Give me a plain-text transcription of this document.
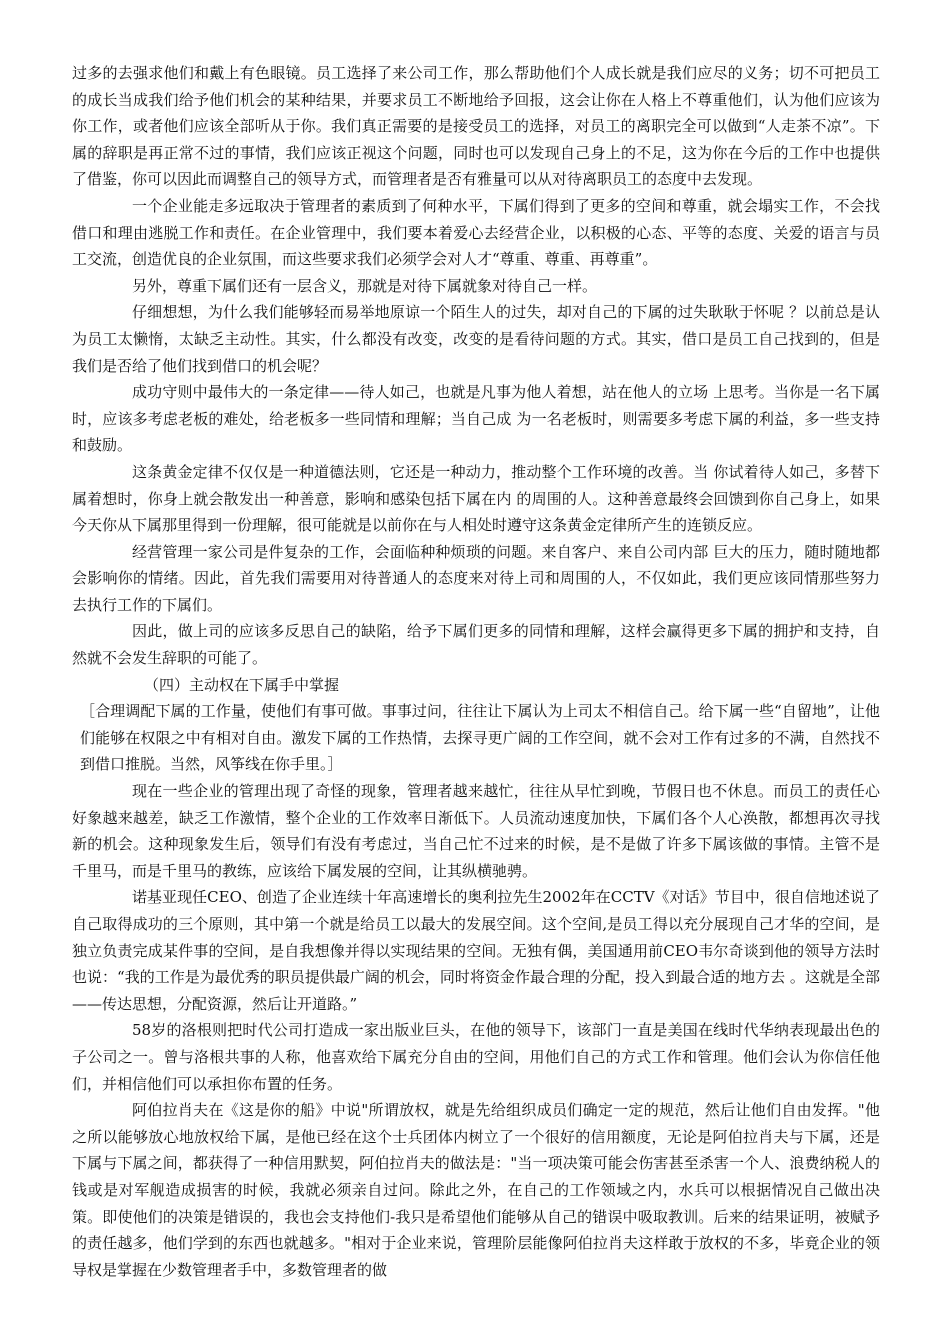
过多的去强求他们和戴上有色眼镜。员工选择了来公司工作，那么帮助他们个人成长就是我们应尽的义务；切不可把员工的成长当成我们给予他们机会的某种结果，并要求员工不断地给予回报，这会让你在人格上不尊重他们，认为他们应该为你工作，或者他们应该全部听从于你。我们真正需要的是接受员工的选择，对员工的离职完全可以做到“人走茶不凉”。下属的辞职是再正常不过的事情，我们应该正视这个问题，同时也可以发现自己身上的不足，这为你在今后的工作中也提供了借鉴，你可以因此而调整自己的领导方式，而管理者是否有雅量可以从对待离职员工的态度中去发现。

一个企业能走多远取决于管理者的素质到了何种水平，下属们得到了更多的空间和尊重，就会塌实工作，不会找借口和理由逃脱工作和责任。在企业管理中，我们要本着爱心去经营企业，以积极的心态、平等的态度、关爱的语言与员工交流，创造优良的企业氛围，而这些要求我们必须学会对人才“尊重、尊重、再尊重”。

另外，尊重下属们还有一层含义，那就是对待下属就象对待自己一样。

仔细想想，为什么我们能够轻而易举地原谅一个陌生人的过失，却对自己的下属的过失耿耿于怀呢 ？以前总是认为员工太懒惰，太缺乏主动性。其实，什么都没有改变，改变的是看待问题的方式。其实，借口是员工自己找到的，但是我们是否给了他们找到借口的机会呢？

成功守则中最伟大的一条定律——待人如己，也就是凡事为他人着想，站在他人的立场 上思考。当你是一名下属时，应该多考虑老板的难处，给老板多一些同情和理解；当自己成 为一名老板时，则需要多考虑下属的利益，多一些支持和鼓励。

这条黄金定律不仅仅是一种道德法则，它还是一种动力，推动整个工作环境的改善。当 你试着待人如己，多替下属着想时，你身上就会散发出一种善意，影响和感染包括下属在内 的周围的人。这种善意最终会回馈到你自己身上，如果今天你从下属那里得到一份理解，很可能就是以前你在与人相处时遵守这条黄金定律所产生的连锁反应。

经营管理一家公司是件复杂的工作，会面临种种烦琐的问题。来自客户、来自公司内部 巨大的压力，随时随地都会影响你的情绪。因此，首先我们需要用对待普通人的态度来对待上司和周围的人，不仅如此，我们更应该同情那些努力去执行工作的下属们。

因此，做上司的应该多反思自己的缺陷，给予下属们更多的同情和理解，这样会赢得更多下属的拥护和支持，自然就不会发生辞职的可能了。

（四）主动权在下属手中掌握

［合理调配下属的工作量，使他们有事可做。事事过问，往往让下属认为上司太不相信自己。给下属一些“自留地”，让他们能够在权限之中有相对自由。激发下属的工作热情，去探寻更广阔的工作空间，就不会对工作有过多的不满，自然找不到借口推脱。当然，风筝线在你手里。］

现在一些企业的管理出现了奇怪的现象，管理者越来越忙，往往从早忙到晚，节假日也不休息。而员工的责任心好象越来越差，缺乏工作激情，整个企业的工作效率日渐低下。人员流动速度加快，下属们各个人心涣散，都想再次寻找新的机会。这种现象发生后，领导们有没有考虑过，当自己忙不过来的时候，是不是做了许多下属该做的事情。主管不是千里马，而是千里马的教练，应该给下属发展的空间，让其纵横驰骋。

诺基亚现任CEO、创造了企业连续十年高速增长的奥利拉先生2002年在CCTV《对话》节目中，很自信地述说了自己取得成功的三个原则，其中第一个就是给员工以最大的发展空间。这个空间,是员工得以充分展现自己才华的空间，是独立负责完成某件事的空间，是自我想像并得以实现结果的空间。无独有偶，美国通用前CEO韦尔奇谈到他的领导方法时也说：“我的工作是为最优秀的职员提供最广阔的机会，同时将资金作最合理的分配，投入到最合适的地方去 。这就是全部——传达思想，分配资源，然后让开道路。”

58岁的洛根则把时代公司打造成一家出版业巨头，在他的领导下，该部门一直是美国在线时代华纳表现最出色的子公司之一。曾与洛根共事的人称，他喜欢给下属充分自由的空间，用他们自己的方式工作和管理。他们会认为你信任他们，并相信他们可以承担你布置的任务。

阿伯拉肖夫在《这是你的船》中说"所谓放权，就是先给组织成员们确定一定的规范，然后让他们自由发挥。"他之所以能够放心地放权给下属，是他已经在这个士兵团体内树立了一个很好的信用额度，无论是阿伯拉肖夫与下属，还是下属与下属之间，都获得了一种信用默契，阿伯拉肖夫的做法是："当一项决策可能会伤害甚至杀害一个人、浪费纳税人的钱或是对军舰造成损害的时候，我就必须亲自过问。除此之外，在自己的工作领域之内，水兵可以根据情况自己做出决策。即使他们的决策是错误的，我也会支持他们-我只是希望他们能够从自己的错误中吸取教训。后来的结果证明，被赋予的责任越多，他们学到的东西也就越多。"相对于企业来说，管理阶层能像阿伯拉肖夫这样敢于放权的不多，毕竟企业的领导权是掌握在少数管理者手中，多数管理者的做
